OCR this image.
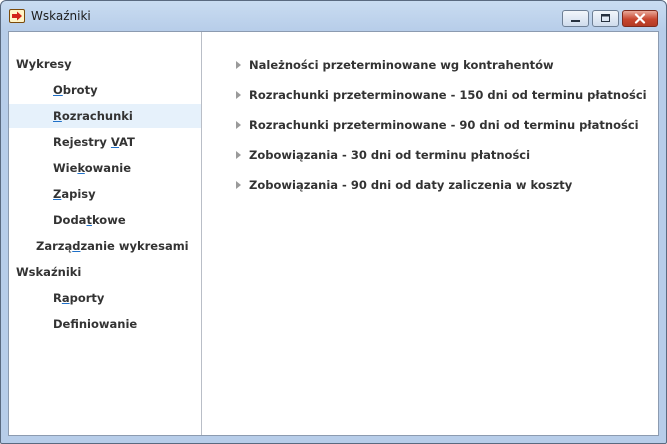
Wskaźniki
Wykresy
Obroty
Rozrachunki
Rejestry VAT
Wiekowanie
Zapisy
Dodatkowe
Zarządzanie wykresami
Wskaźniki
Raporty
Defniowanie
Należności przeterminowane wg kontrahentów
Rozrachunki przeterminowane - 150 dni od terminu płatności
Rozrachunki przeterminowane - 90 dni od terminu płatności
Zobowiązania - 30 dni od terminu płatności
Zobowiązania - 90 dni od daty zaliczenia w koszty
